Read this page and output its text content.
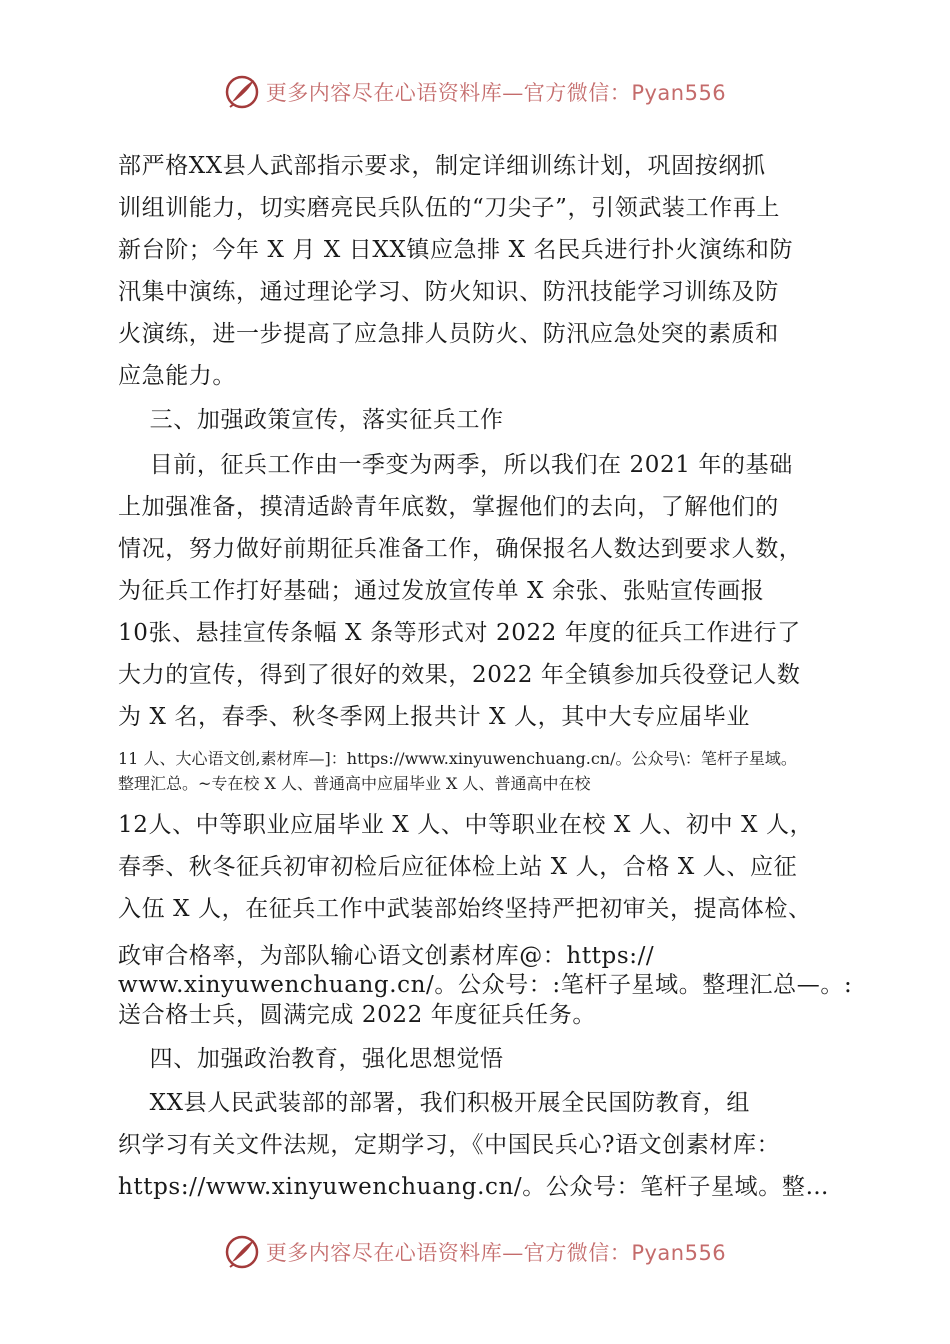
更多内容尽在心语资料库—官方微信：Pyan556
部严格XX县人武部指示要求，制定详细训练计划，巩固按纲抓
训组训能力，切实磨亮民兵队伍的“刀尖子”，引领武装工作再上
新台阶；今年 X 月 X 日XX镇应急排 X 名民兵进行扑火演练和防
汛集中演练，通过理论学习、防火知识、防汛技能学习训练及防
火演练，进一步提高了应急排人员防火、防汛应急处突的素质和
应急能力。
三、加强政策宣传，落实征兵工作
目前，征兵工作由一季变为两季，所以我们在 2021 年的基础
上加强准备，摸清适龄青年底数，掌握他们的去向，了解他们的
情况，努力做好前期征兵准备工作，确保报名人数达到要求人数，
为征兵工作打好基础；通过发放宣传单 X 余张、张贴宣传画报
10张、悬挂宣传条幅 X 条等形式对 2022 年度的征兵工作进行了
大力的宣传，得到了很好的效果，2022 年全镇参加兵役登记人数
为 X 名，春季、秋冬季网上报共计 X 人，其中大专应届毕业
11 人、大心语文创,素材库—]：https://www.xinyuwenchuang.cn/。公众号\：笔杆子星域。
整理汇总。~专在校 X 人、普通高中应届毕业 X 人、普通高中在校
12人、中等职业应届毕业 X 人、中等职业在校 X 人、初中 X 人，
春季、秋冬征兵初审初检后应征体检上站 X 人，合格 X 人、应征
入伍 X 人，在征兵工作中武装部始终坚持严把初审关，提高体检、
政审合格率，为部队输心语文创素材库@：https://
www.xinyuwenchuang.cn/。公众号：:笔杆子星域。整理汇总—。:
送合格士兵，圆满完成 2022 年度征兵任务。
四、加强政治教育，强化思想觉悟
XX县人民武装部的部署，我们积极开展全民国防教育，组
织学习有关文件法规，定期学习，《中国民兵心?语文创素材库：
https://www.xinyuwenchuang.cn/。公众号：笔杆子星域。整…
更多内容尽在心语资料库—官方微信：Pyan556
